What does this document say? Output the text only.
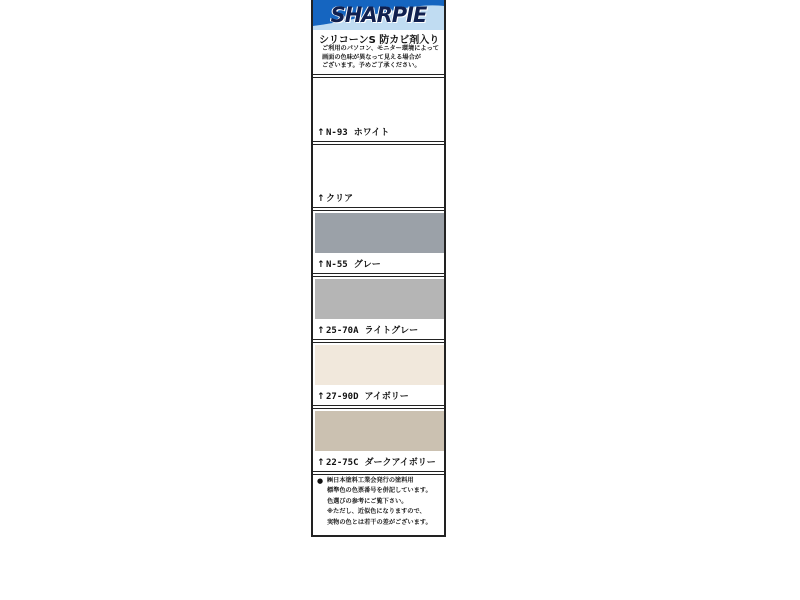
SHARPIE
シリコーンS 防カビ剤入り
ご利用のパソコン、モニター環境によって
画面の色味が異なって見える場合が
ございます。予めご了承ください。
↑N-93 ホワイト
↑クリア
↑N-55 グレー
↑25-70A ライトグレー
↑27-90D アイボリー
↑22-75C ダークアイボリー
● ㈱日本塗料工業会発行の塗料用
標準色の色票番号を併記しています。
色選びの参考にご覧下さい。
※ただし、近似色になりますので、
実物の色とは若干の差がございます。
